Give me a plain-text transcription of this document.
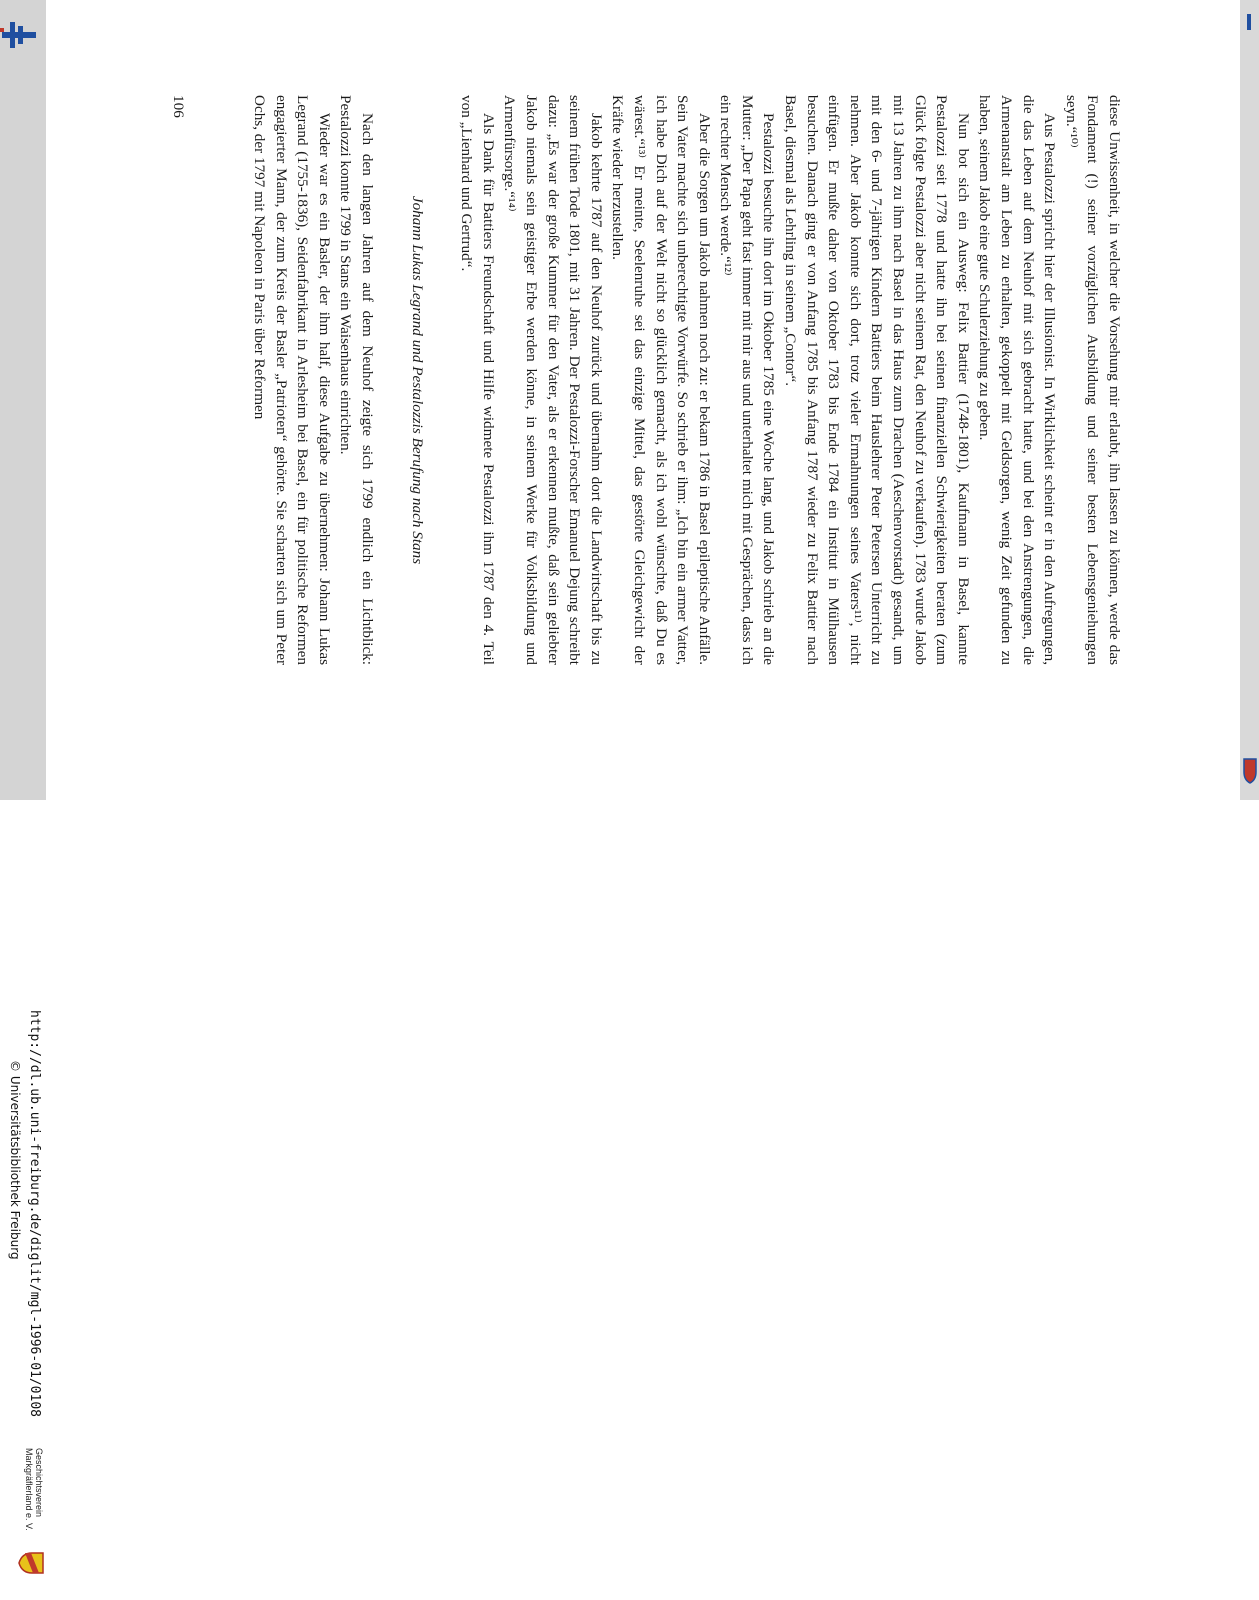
Geschichtsverein
Markgräflerland e. V.
http://dl.ub.uni-freiburg.de/diglit/mgl-1996-01/0108
© Universitätsbibliothek Freiburg

diese Unwissenheit, in welcher die Vorsehung mir erlaubt, ihn lassen zu können, werde das Fondament (!) seiner vorzüglichen Ausbildung und seiner besten Lebensgeniehungen seyn.“¹⁰⁾

Aus Pestalozzi spricht hier der Illusionist. In Wirklichkeit scheint er in den Aufregungen, die das Leben auf dem Neuhof mit sich gebracht hatte, und bei den Anstrengungen, die Armenanstalt am Leben zu erhalten, gekoppelt mit Geldsorgen, wenig Zeit gefunden zu haben, seinem Jakob eine gute Schulerziehung zu geben.

Nun bot sich ein Ausweg: Felix Battier (1748-1801), Kaufmann in Basel, kannte Pestalozzi seit 1778 und hatte ihn bei seinen finanziellen Schwierigkeiten beraten (zum Glück folgte Pestalozzi aber nicht seinem Rat, den Neuhof zu verkaufen). 1783 wurde Jakob mit 13 Jahren zu ihm nach Basel in das Haus zum Drachen (Aeschenvorstadt) gesandt, um mit den 6- und 7-jährigen Kindern Battiers beim Hauslehrer Peter Petersen Unterricht zu nehmen. Aber Jakob konnte sich dort, trotz vieler Ermahnungen seines Vaters¹¹⁾, nicht einfügen. Er mußte daher von Oktober 1783 bis Ende 1784 ein Institut in Mülhausen besuchen. Danach ging er von Anfang 1785 bis Anfang 1787 wieder zu Felix Battier nach Basel, diesmal als Lehrling in seinem „Contor“.

Pestalozzi besuchte ihn dort im Oktober 1785 eine Woche lang, und Jakob schrieb an die Mutter: „Der Papa geht fast immer mit mir aus und unterhaltet mich mit Gesprächen, dass ich ein rechter Mensch werde.“¹²⁾

Aber die Sorgen um Jakob nahmen noch zu: er bekam 1786 in Basel epileptische Anfälle. Sein Vater machte sich unberechtigte Vorwürfe. So schrieb er ihm: „Ich bin ein armer Vatter, ich habe Dich auf der Welt nicht so glücklich gemacht, als ich wohl wünschte, daß Du es wärest.“¹³⁾ Er meinte, Seelenruhe sei das einzige Mittel, das gestörte Gleichgewicht der Kräfte wieder herzustellen.

Jakob kehrte 1787 auf den Neuhof zurück und übernahm dort die Landwirtschaft bis zu seinem frühen Tode 1801, mit 31 Jahren. Der Pestalozzi-Forscher Emanuel Dejung schreibt dazu: „Es war der große Kummer für den Vater, als er erkennen mußte, daß sein geliebter Jakob niemals sein geistiger Erbe werden könne, in seinem Werke für Volksbildung und Armenfürsorge.“¹⁴⁾

Als Dank für Battiers Freundschaft und Hilfe widmete Pestalozzi ihm 1787 den 4. Teil von „Lienhard und Gertrud“.

Johann Lukas Legrand und Pestalozzis Berufung nach Stans

Nach den langen Jahren auf dem Neuhof zeigte sich 1799 endlich ein Lichtblick: Pestalozzi konnte 1799 in Stans ein Waisenhaus einrichten.

Wieder war es ein Basler, der ihm half, diese Aufgabe zu übernehmen: Johann Lukas Legrand (1755-1836), Seidenfabrikant in Arlesheim bei Basel, ein für politische Reformen engagierter Mann, der zum Kreis der Basler „Patrioten“ gehörte. Sie scharten sich um Peter Ochs, der 1797 mit Napoleon in Paris über Reformen

106
